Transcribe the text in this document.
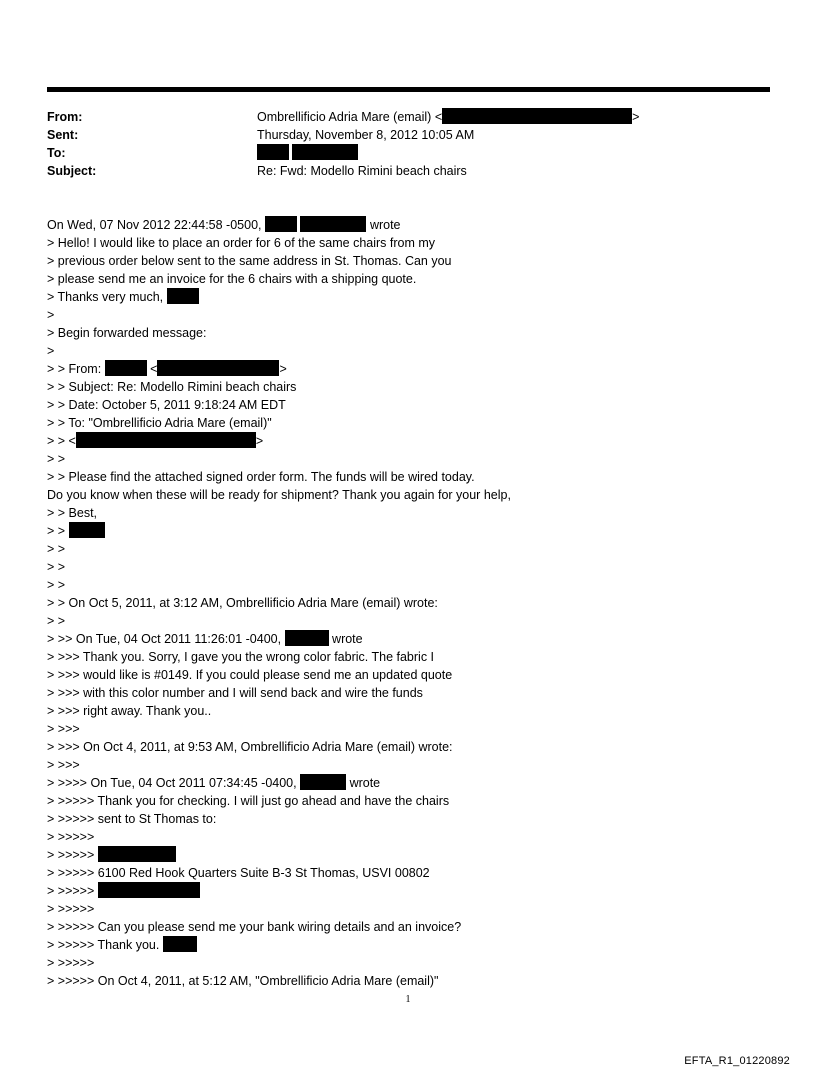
From:	Ombrellificio Adria Mare (email) <	>
Sent:	Thursday, November 8, 2012 10:05 AM
To:

Subject:	Re: Fwd: Modello Rimini beach chairs
On Wed, 07 Nov 2012 22:44:58 -0500,	wrote
> Hello! I would like to place an order for 6 of the same chairs from my
> previous order below sent to the same address in St. Thomas. Can you
> please send me an invoice for the 6 chairs with a shipping quote.
> Thanks very much,
>
> Begin forwarded message:
>
> > From:	<	>
> > Subject: Re: Modello Rimini beach chairs
> > Date: October 5, 2011 9:18:24 AM EDT
> > To: "Ombrellificio Adria Mare (email)"
> > <	>
> >
> > Please find the attached signed order form. The funds will be wired today.
Do you know when these will be ready for shipment? Thank you again for your help,
> > Best,
> >
> >
> >
> >
> > On Oct 5, 2011, at 3:12 AM, Ombrellificio Adria Mare (email) wrote:
> >
> >> On Tue, 04 Oct 2011 11:26:01 -0400,	wrote
> >>> Thank you. Sorry, I gave you the wrong color fabric. The fabric I
> >>> would like is #0149. If you could please send me an updated quote
> >>> with this color number and I will send back and wire the funds
> >>> right away. Thank you..
> >>>
> >>> On Oct 4, 2011, at 9:53 AM, Ombrellificio Adria Mare (email) wrote:
> >>>
> >>>> On Tue, 04 Oct 2011 07:34:45 -0400,	wrote
> >>>>> Thank you for checking. I will just go ahead and have the chairs
> >>>>> sent to St Thomas to:
> >>>>>
> >>>>>
> >>>>> 6100 Red Hook Quarters Suite B-3 St Thomas, USVI 00802
> >>>>>
> >>>>>
> >>>>> Can you please send me your bank wiring details and an invoice?
> >>>>> Thank you.
> >>>>>
> >>>>> On Oct 4, 2011, at 5:12 AM, "Ombrellificio Adria Mare (email)"
1
EFTA_R1_01220892
